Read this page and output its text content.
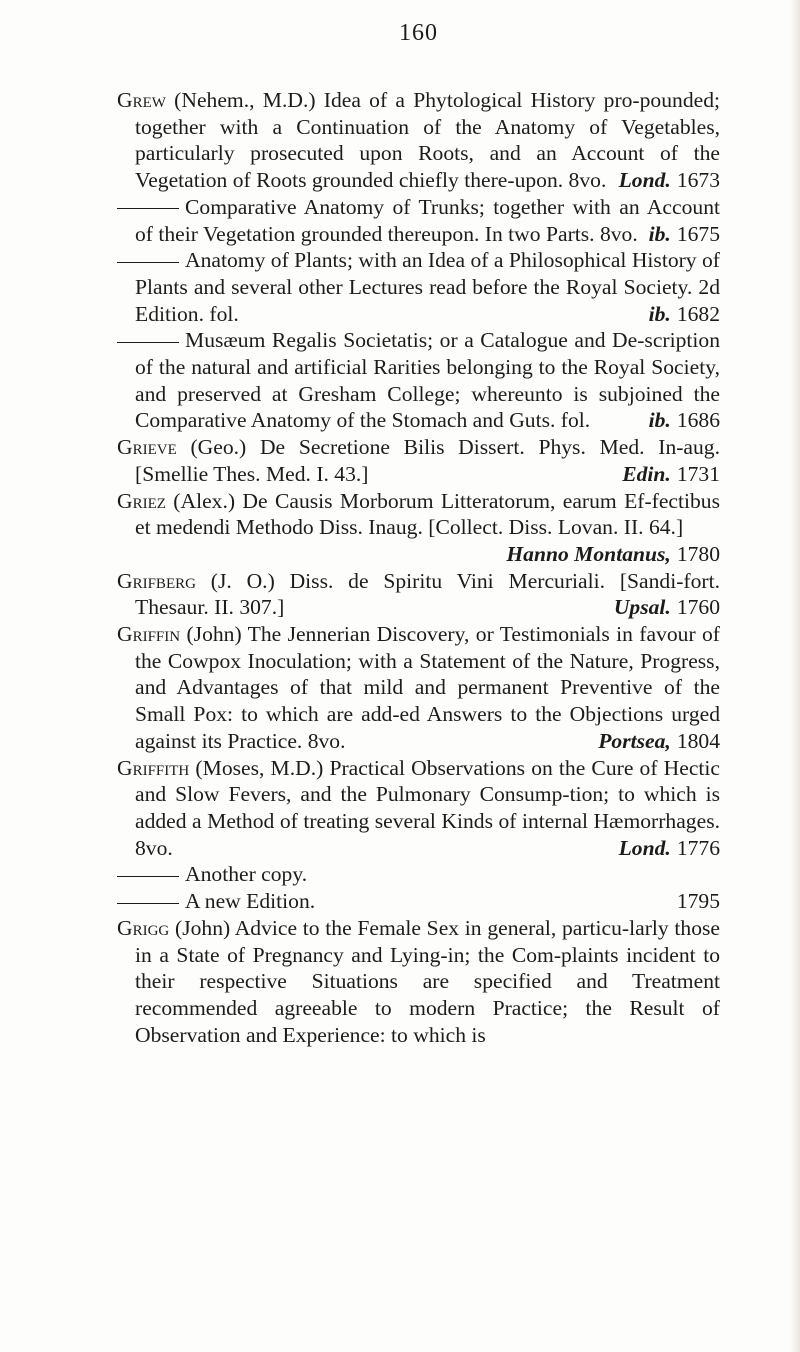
160

Grew (Nehem., M.D.) Idea of a Phytological History pro-pounded; together with a Continuation of the Anatomy of Vegetables, particularly prosecuted upon Roots, and an Account of the Vegetation of Roots grounded chiefly there-upon. 8vo. Lond. 1673

Comparative Anatomy of Trunks; together with an Account of their Vegetation grounded thereupon. In two Parts. 8vo. ib. 1675

Anatomy of Plants; with an Idea of a Philosophical History of Plants and several other Lectures read before the Royal Society. 2d Edition. fol.	ib. 1682

Musæum Regalis Societatis; or a Catalogue and De-scription of the natural and artificial Rarities belonging to the Royal Society, and preserved at Gresham College; whereunto is subjoined the Comparative Anatomy of the Stomach and Guts. fol.	ib. 1686

Grieve (Geo.) De Secretione Bilis Dissert. Phys. Med. In-aug. [Smellie Thes. Med. I. 43.]	Edin. 1731

Griez (Alex.) De Causis Morborum Litteratorum, earum Ef-fectibus et medendi Methodo Diss. Inaug. [Collect. Diss. Lovan. II. 64.]
Hanno Montanus, 1780

Grifberg (J. O.) Diss. de Spiritu Vini Mercuriali. [Sandi-fort. Thesaur. II. 307.]	Upsal. 1760

Griffin (John) The Jennerian Discovery, or Testimonials in favour of the Cowpox Inoculation; with a Statement of the Nature, Progress, and Advantages of that mild and permanent Preventive of the Small Pox: to which are add-ed Answers to the Objections urged against its Practice. 8vo.	Portsea, 1804

Griffith (Moses, M.D.) Practical Observations on the Cure of Hectic and Slow Fevers, and the Pulmonary Consump-tion; to which is added a Method of treating several Kinds of internal Hæmorrhages. 8vo.	Lond. 1776

Another copy.

A new Edition.	1795

Grigg (John) Advice to the Female Sex in general, particu-larly those in a State of Pregnancy and Lying-in; the Com-plaints incident to their respective Situations are specified and Treatment recommended agreeable to modern Practice; the Result of Observation and Experience: to which is
